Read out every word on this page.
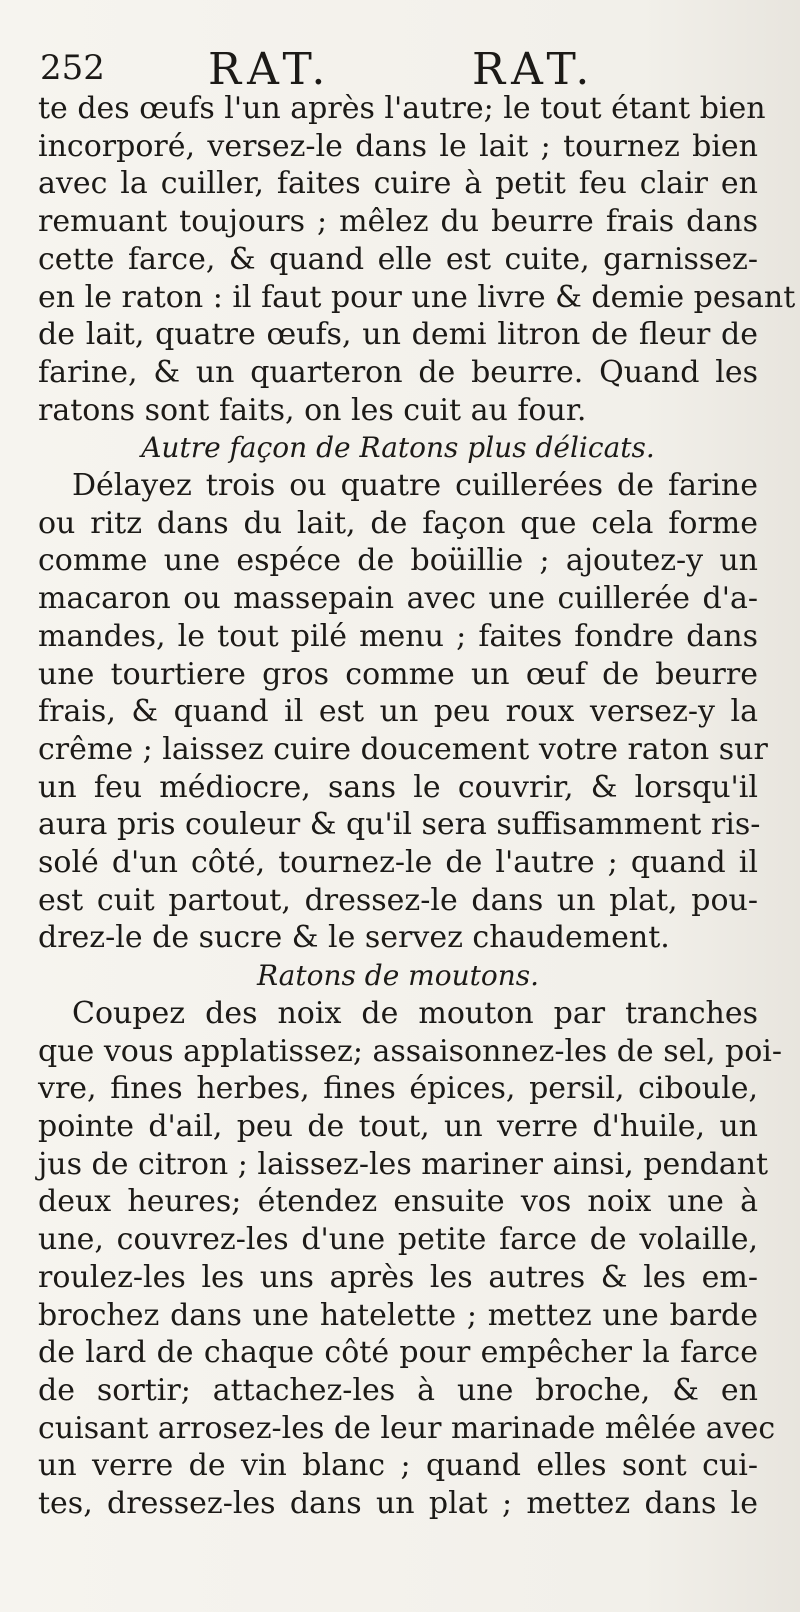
252 RAT.	RAT.
te des œufs l'un après l'autre; le tout étant bien
incorporé, versez-le dans le lait ; tournez bien
avec la cuiller, faites cuire à petit feu clair en
remuant toujours ; mêlez du beurre frais dans
cette farce, & quand elle est cuite, garnissez-
en le raton : il faut pour une livre & demie pesant
de lait, quatre œufs, un demi litron de fleur de
farine, & un quarteron de beurre. Quand les
ratons sont faits, on les cuit au four.
Autre façon de Ratons plus délicats.
Délayez trois ou quatre cuillerées de farine
ou ritz dans du lait, de façon que cela forme
comme une espéce de boüillie ; ajoutez-y un
macaron ou massepain avec une cuillerée d'a-
mandes, le tout pilé menu ; faites fondre dans
une tourtiere gros comme un œuf de beurre
frais, & quand il est un peu roux versez-y la
crême ; laissez cuire doucement votre raton sur
un feu médiocre, sans le couvrir, & lorsqu'il
aura pris couleur & qu'il sera suffisamment ris-
solé d'un côté, tournez-le de l'autre ; quand il
est cuit partout, dressez-le dans un plat, pou-
drez-le de sucre & le servez chaudement.
Ratons de moutons.
Coupez des noix de mouton par tranches
que vous applatissez; assaisonnez-les de sel, poi-
vre, fines herbes, fines épices, persil, ciboule,
pointe d'ail, peu de tout, un verre d'huile, un
jus de citron ; laissez-les mariner ainsi, pendant
deux heures; étendez ensuite vos noix une à
une, couvrez-les d'une petite farce de volaille,
roulez-les les uns après les autres & les em-
brochez dans une hatelette ; mettez une barde
de lard de chaque côté pour empêcher la farce
de sortir; attachez-les à une broche, & en
cuisant arrosez-les de leur marinade mêlée avec
un verre de vin blanc ; quand elles sont cui-
tes, dressez-les dans un plat ; mettez dans le
